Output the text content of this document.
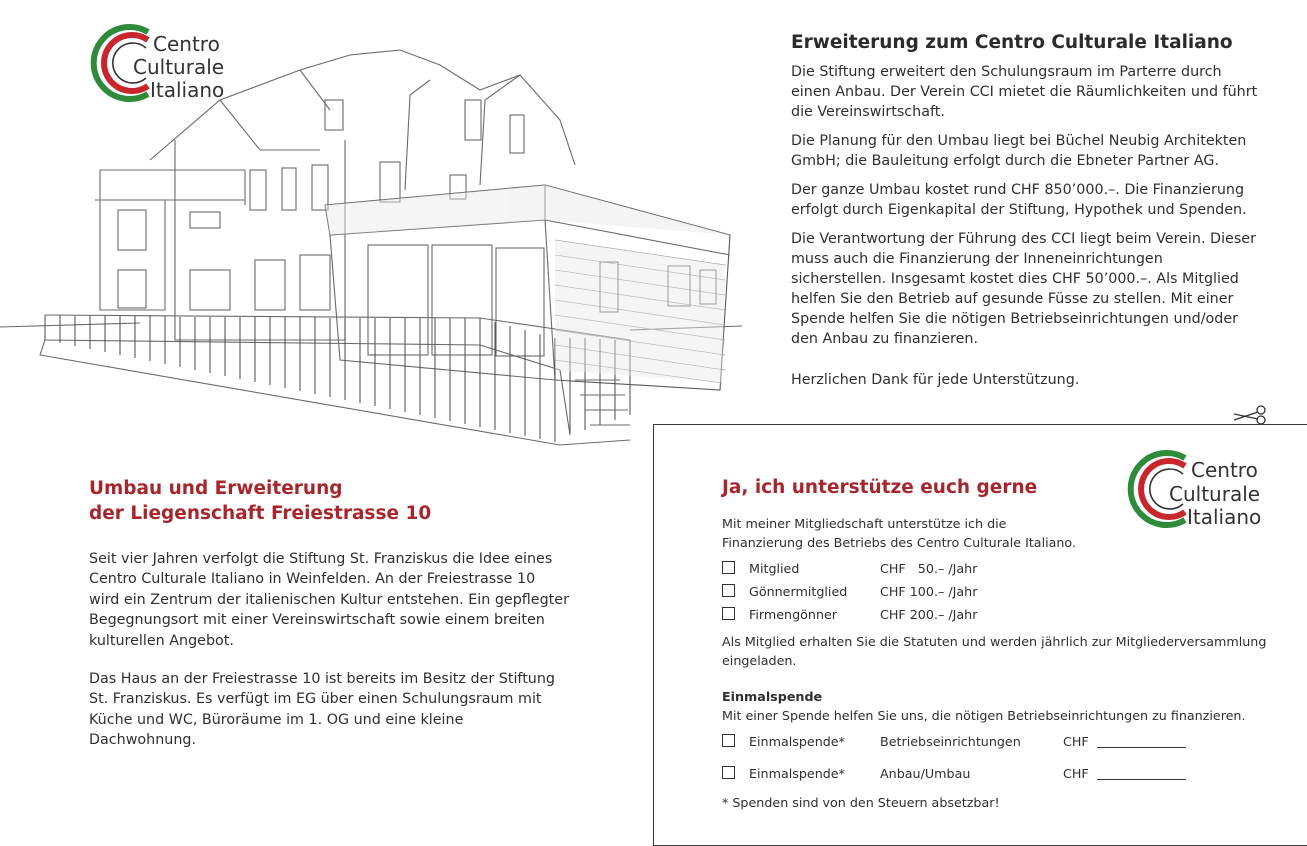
Centro
Culturale
Italiano
Erweiterung zum Centro Culturale Italiano

Die Stiftung erweitert den Schulungsraum im Parterre durch einen Anbau. Der Verein CCI mietet die Räumlichkeiten und führt die Vereinswirtschaft.

Die Planung für den Umbau liegt bei Büchel Neubig Architekten GmbH; die Bauleitung erfolgt durch die Ebneter Partner AG.

Der ganze Umbau kostet rund CHF 850’000.–. Die Finanzierung erfolgt durch Eigenkapital der Stiftung, Hypothek und Spenden.

Die Verantwortung der Führung des CCI liegt beim Verein. Dieser muss auch die Finanzierung der Inneneinrichtungen sicherstellen. Insgesamt kostet dies CHF 50’000.–. Als Mitglied helfen Sie den Betrieb auf gesunde Füsse zu stellen. Mit einer Spende helfen Sie die nötigen Betriebseinrichtungen und/oder den Anbau zu finanzieren.

Herzlichen Dank für jede Unterstützung.

Umbau und Erweiterung
der Liegenschaft Freiestrasse 10

Seit vier Jahren verfolgt die Stiftung St. Franziskus die Idee eines Centro Culturale Italiano in Weinfelden. An der Freiestrasse 10 wird ein Zentrum der italienischen Kultur entstehen. Ein gepflegter Begegnungsort mit einer Vereinswirtschaft sowie einem breiten kulturellen Angebot.

Das Haus an der Freiestrasse 10 ist bereits im Besitz der Stiftung St. Franziskus. Es verfügt im EG über einen Schulungsraum mit Küche und WC, Büroräume im 1. OG und eine kleine Dachwohnung.

Centro
Culturale
Italiano
Ja, ich unterstütze euch gerne

Mit meiner Mitgliedschaft unterstütze ich die

Finanzierung des Betriebs des Centro Culturale Italiano.

Mitglied	CHF   50.– /Jahr
Gönnermitglied	CHF 100.– /Jahr
Firmengönner	CHF 200.– /Jahr

Als Mitglied erhalten Sie die Statuten und werden jährlich zur Mitgliederversammlung

eingeladen.

Einmalspende

Mit einer Spende helfen Sie uns, die nötigen Betriebseinrichtungen zu finanzieren.

Einmalspende*	Betriebseinrichtungen	CHF
Einmalspende*	Anbau/Umbau	CHF

* Spenden sind von den Steuern absetzbar!
